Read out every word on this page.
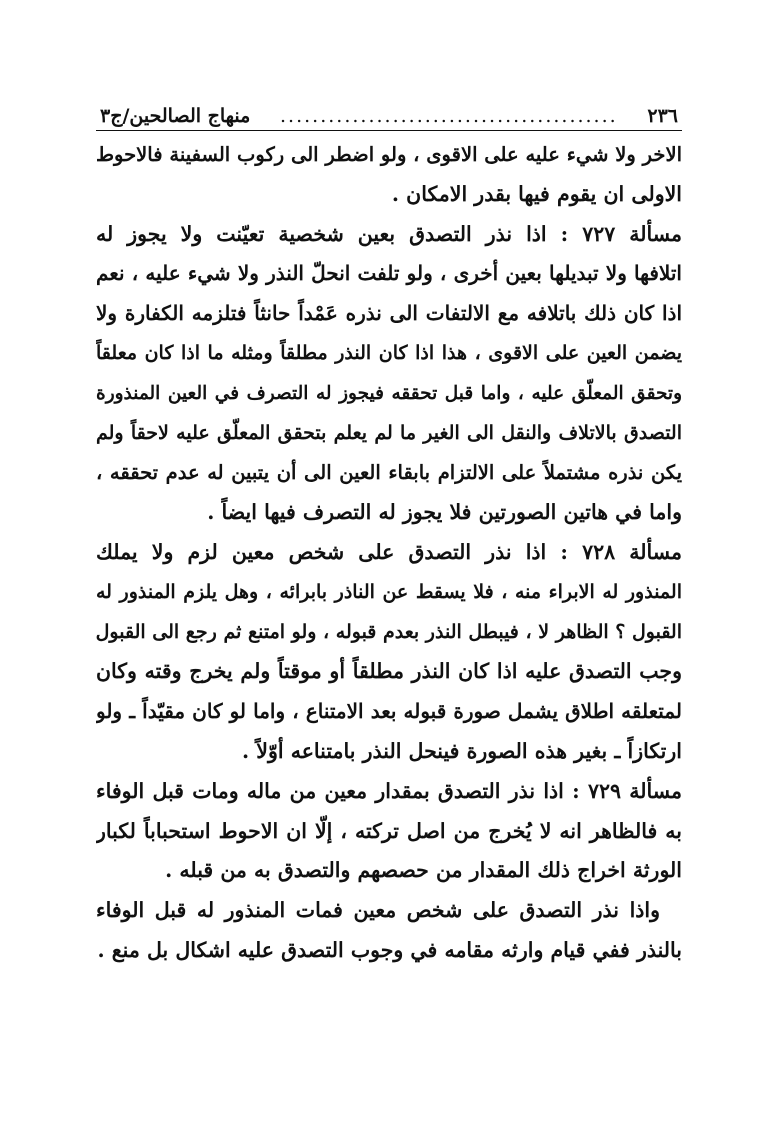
٢٣٦
..........................................
منهاج الصالحين/ج٣
الاخر ولا شيء عليه على الاقوى ، ولو اضطر الى ركوب السفينة فالاحوط
الاولى ان يقوم فيها بقدر الامكان .
مسألة ٧٢٧ : اذا نذر التصدق بعين شخصية تعيّنت ولا يجوز له
اتلافها ولا تبديلها بعين أخرى ، ولو تلفت انحلّ النذر ولا شيء عليه ، نعم
اذا كان ذلك باتلافه مع الالتفات الى نذره عَمْداً حانثاً فتلزمه الكفارة ولا
يضمن العين على الاقوى ، هذا اذا كان النذر مطلقاً ومثله ما اذا كان معلقاً
وتحقق المعلّق عليه ، واما قبل تحققه فيجوز له التصرف في العين المنذورة
التصدق بالاتلاف والنقل الى الغير ما لم يعلم بتحقق المعلّق عليه لاحقاً ولم
يكن نذره مشتملاً على الالتزام بابقاء العين الى أن يتبين له عدم تحققه ،
واما في هاتين الصورتين فلا يجوز له التصرف فيها ايضاً .
مسألة ٧٢٨ : اذا نذر التصدق على شخص معين لزم ولا يملك
المنذور له الابراء منه ، فلا يسقط عن الناذر بابرائه ، وهل يلزم المنذور له
القبول ؟ الظاهر لا ، فيبطل النذر بعدم قبوله ، ولو امتنع ثم رجع الى القبول
وجب التصدق عليه اذا كان النذر مطلقاً أو موقتاً ولم يخرج وقته وكان
لمتعلقه اطلاق يشمل صورة قبوله بعد الامتناع ، واما لو كان مقيّداً ـ ولو
ارتكازاً ـ بغير هذه الصورة فينحل النذر بامتناعه أوّلاً .
مسألة ٧٢٩ : اذا نذر التصدق بمقدار معين من ماله ومات قبل الوفاء
به فالظاهر انه لا يُخرج من اصل تركته ، إلّا ان الاحوط استحباباً لكبار
الورثة اخراج ذلك المقدار من حصصهم والتصدق به من قبله .
واذا نذر التصدق على شخص معين فمات المنذور له قبل الوفاء
بالنذر ففي قيام وارثه مقامه في وجوب التصدق عليه اشكال بل منع .
